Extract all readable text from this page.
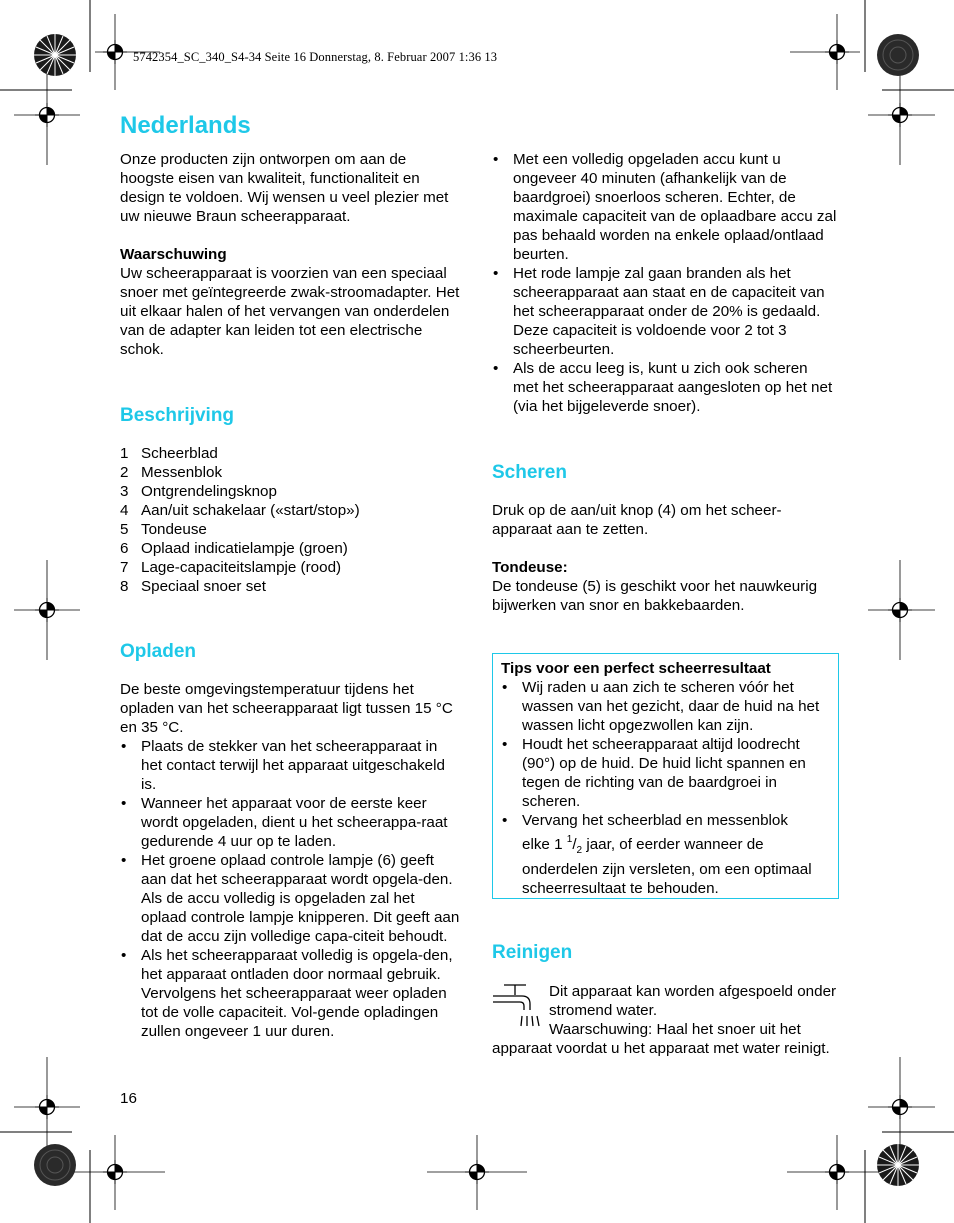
5742354_SC_340_S4-34 Seite 16 Donnerstag, 8. Februar 2007 1:36 13
Nederlands

Onze producten zijn ontworpen om aan de hoogste eisen van kwaliteit, functionaliteit en design te voldoen. Wij wensen u veel plezier met uw nieuwe Braun scheerapparaat.

Waarschuwing

Uw scheerapparaat is voorzien van een speciaal snoer met geïntegreerde zwak-stroomadapter. Het uit elkaar halen of het vervangen van onderdelen van de adapter kan leiden tot een electrische schok.

Beschrijving
1 Scheerblad
2 Messenblok
3 Ontgrendelingsknop
4 Aan/uit schakelaar («start/stop»)
5 Tondeuse
6 Oplaad indicatielampje (groen)
7 Lage-capaciteitslampje (rood)
8 Speciaal snoer set
Opladen

De beste omgevingstemperatuur tijdens het opladen van het scheerapparaat ligt tussen 15 °C en 35 °C.

• Plaats de stekker van het scheerapparaat in het contact terwijl het apparaat uitgeschakeld is.
• Wanneer het apparaat voor de eerste keer wordt opgeladen, dient u het scheerappa-raat gedurende 4 uur op te laden.
• Het groene oplaad controle lampje (6) geeft aan dat het scheerapparaat wordt opgela-den. Als de accu volledig is opgeladen zal het oplaad controle lampje knipperen. Dit geeft aan dat de accu zijn volledige capa-citeit behoudt.
• Als het scheerapparaat volledig is opgela-den, het apparaat ontladen door normaal gebruik. Vervolgens het scheerapparaat weer opladen tot de volle capaciteit. Vol-gende opladingen zullen ongeveer 1 uur duren.
16
• Met een volledig opgeladen accu kunt u ongeveer 40 minuten (afhankelijk van de baardgroei) snoerloos scheren. Echter, de maximale capaciteit van de oplaadbare accu zal pas behaald worden na enkele oplaad/ontlaad beurten.
• Het rode lampje zal gaan branden als het scheerapparaat aan staat en de capaciteit van het scheerapparaat onder de 20% is gedaald. Deze capaciteit is voldoende voor 2 tot 3 scheerbeurten.
• Als de accu leeg is, kunt u zich ook scheren met het scheerapparaat aangesloten op het net (via het bijgeleverde snoer).
Scheren

Druk op de aan/uit knop (4) om het scheer-apparaat aan te zetten.

Tondeuse:

De tondeuse (5) is geschikt voor het nauwkeurig bijwerken van snor en bakkebaarden.

Tips voor een perfect scheerresultaat

• Wij raden u aan zich te scheren vóór het wassen van het gezicht, daar de huid na het wassen licht opgezwollen kan zijn.
• Houdt het scheerapparaat altijd loodrecht (90°) op de huid. De huid licht spannen en tegen de richting van de baardgroei in scheren.
• Vervang het scheerblad en messenblok
elke 1 $^1/_2$ jaar, of eerder wanneer de onderdelen zijn versleten, om een optimaal scheerresultaat te behouden.
Reinigen

Dit apparaat kan worden afgespoeld onder stromend water.

Waarschuwing: Haal het snoer uit het apparaat voordat u het apparaat met water reinigt.
